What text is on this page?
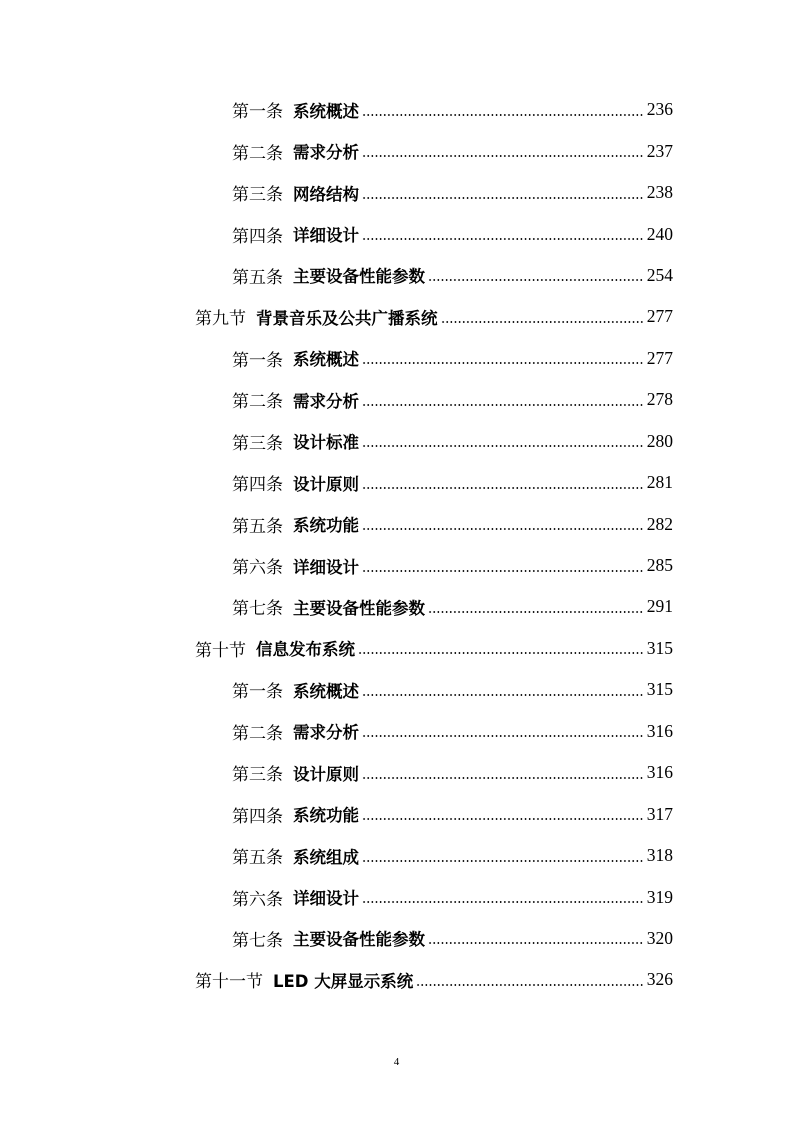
第一条 系统概述	236
第二条 需求分析	237
第三条 网络结构	238
第四条 详细设计	240
第五条 主要设备性能参数	254
第九节 背景音乐及公共广播系统	277
第一条 系统概述	277
第二条 需求分析	278
第三条 设计标准	280
第四条 设计原则	281
第五条 系统功能	282
第六条 详细设计	285
第七条 主要设备性能参数	291
第十节 信息发布系统	315
第一条 系统概述	315
第二条 需求分析	316
第三条 设计原则	316
第四条 系统功能	317
第五条 系统组成	318
第六条 详细设计	319
第七条 主要设备性能参数	320
第十一节 LED 大屏显示系统	326
4
